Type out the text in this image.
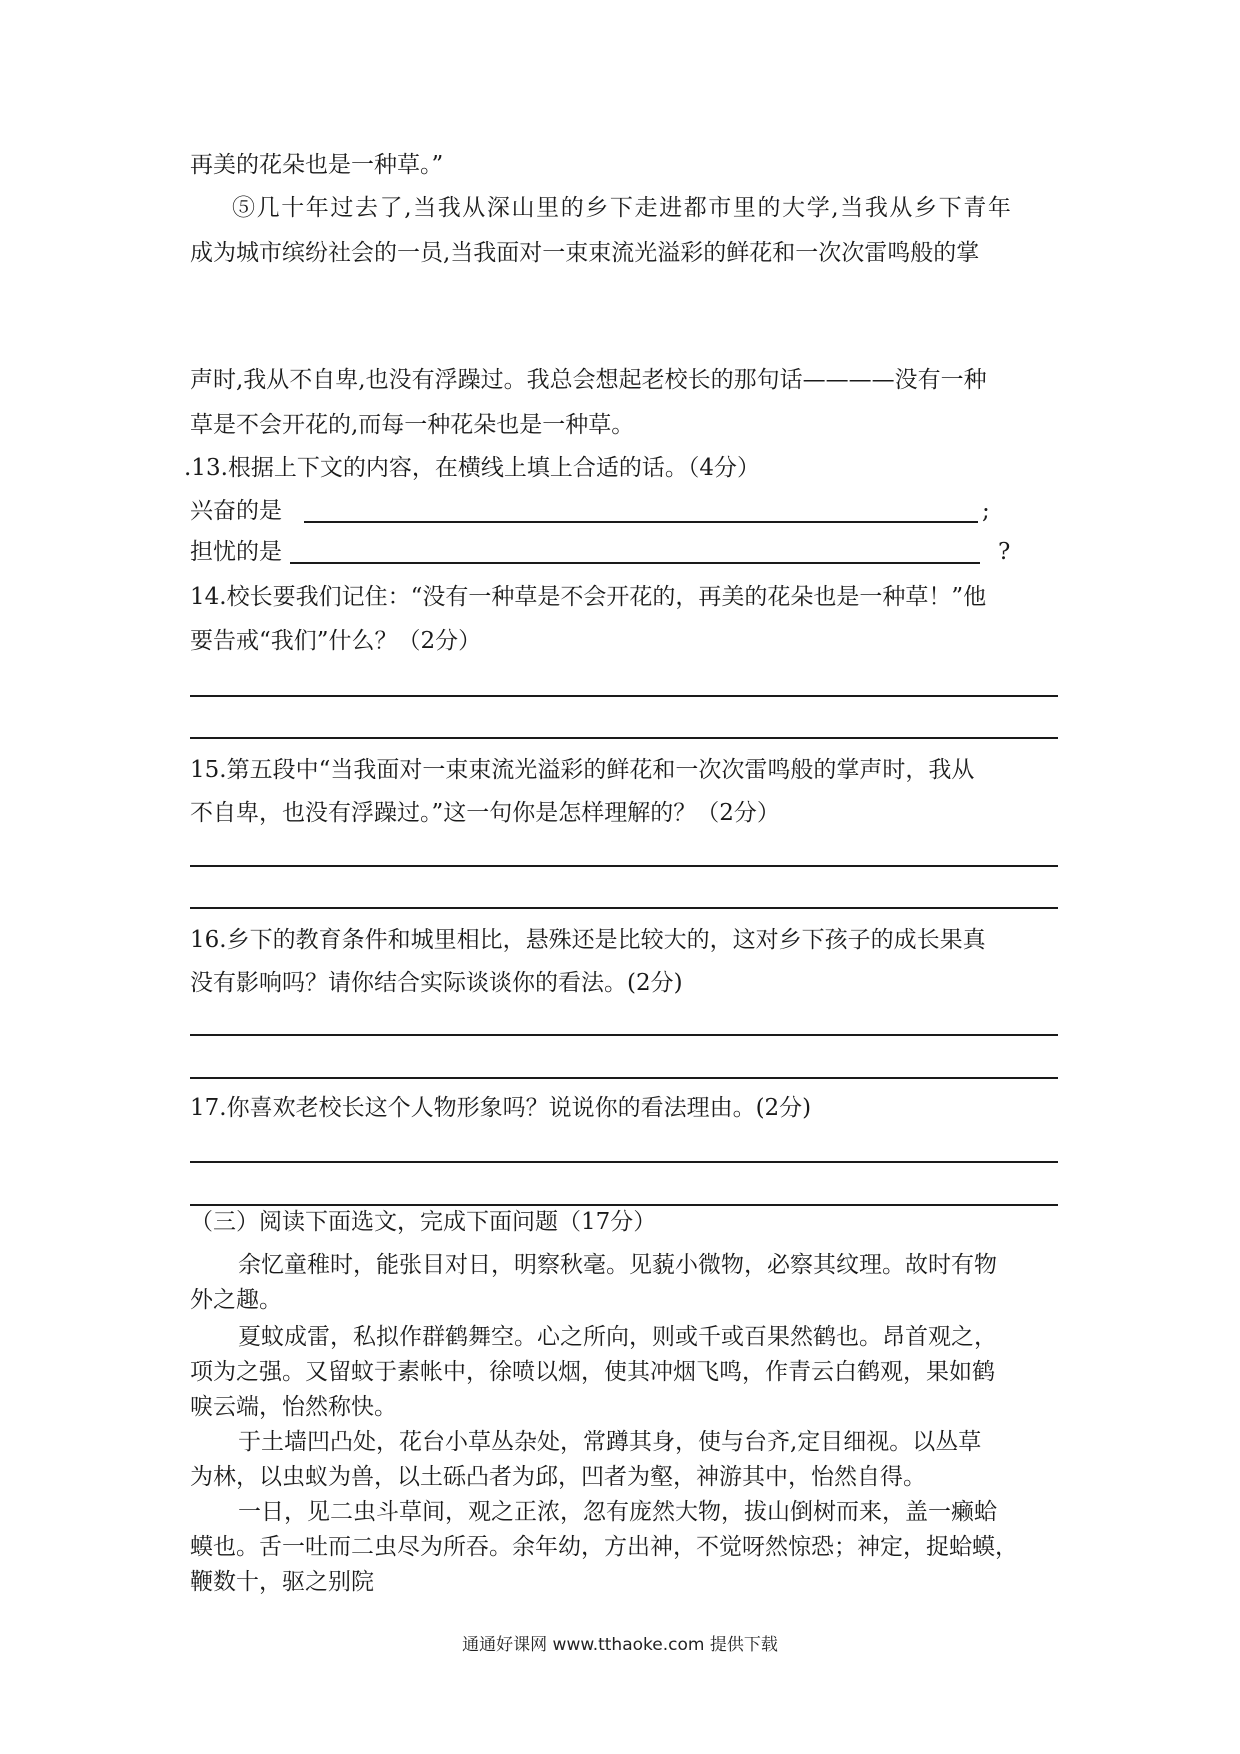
再美的花朵也是一种草。”
⑤几十年过去了,当我从深山里的乡下走进都市里的大学,当我从乡下青年
成为城市缤纷社会的一员,当我面对一束束流光溢彩的鲜花和一次次雷鸣般的掌
声时,我从不自卑,也没有浮躁过。我总会想起老校长的那句话————没有一种
草是不会开花的,而每一种花朵也是一种草。
.13.根据上下文的内容，在横线上填上合适的话。（4分）
兴奋的是	;
担忧的是	?
14.校长要我们记住：“没有一种草是不会开花的，再美的花朵也是一种草！”他
要告戒“我们”什么？（2分）
15.第五段中“当我面对一束束流光溢彩的鲜花和一次次雷鸣般的掌声时，我从
不自卑，也没有浮躁过。”这一句你是怎样理解的？（2分）
16.乡下的教育条件和城里相比，悬殊还是比较大的，这对乡下孩子的成长果真
没有影响吗？请你结合实际谈谈你的看法。(2分)
17.你喜欢老校长这个人物形象吗？说说你的看法理由。(2分)
（三）阅读下面选文，完成下面问题（17分）
余忆童稚时，能张目对日，明察秋毫。见藐小微物，必察其纹理。故时有物
外之趣。
夏蚊成雷，私拟作群鹤舞空。心之所向，则或千或百果然鹤也。昂首观之，
项为之强。又留蚊于素帐中，徐喷以烟，使其冲烟飞鸣，作青云白鹤观，果如鹤
唳云端，怡然称快。
于土墙凹凸处，花台小草丛杂处，常蹲其身，使与台齐,定目细视。以丛草
为林，以虫蚁为兽，以土砾凸者为邱，凹者为壑，神游其中，怡然自得。
一日，见二虫斗草间，观之正浓，忽有庞然大物，拔山倒树而来，盖一癞蛤
蟆也。舌一吐而二虫尽为所吞。余年幼，方出神，不觉呀然惊恐；神定，捉蛤蟆，
鞭数十，驱之别院
通通好课网 www.tthaoke.com 提供下载
